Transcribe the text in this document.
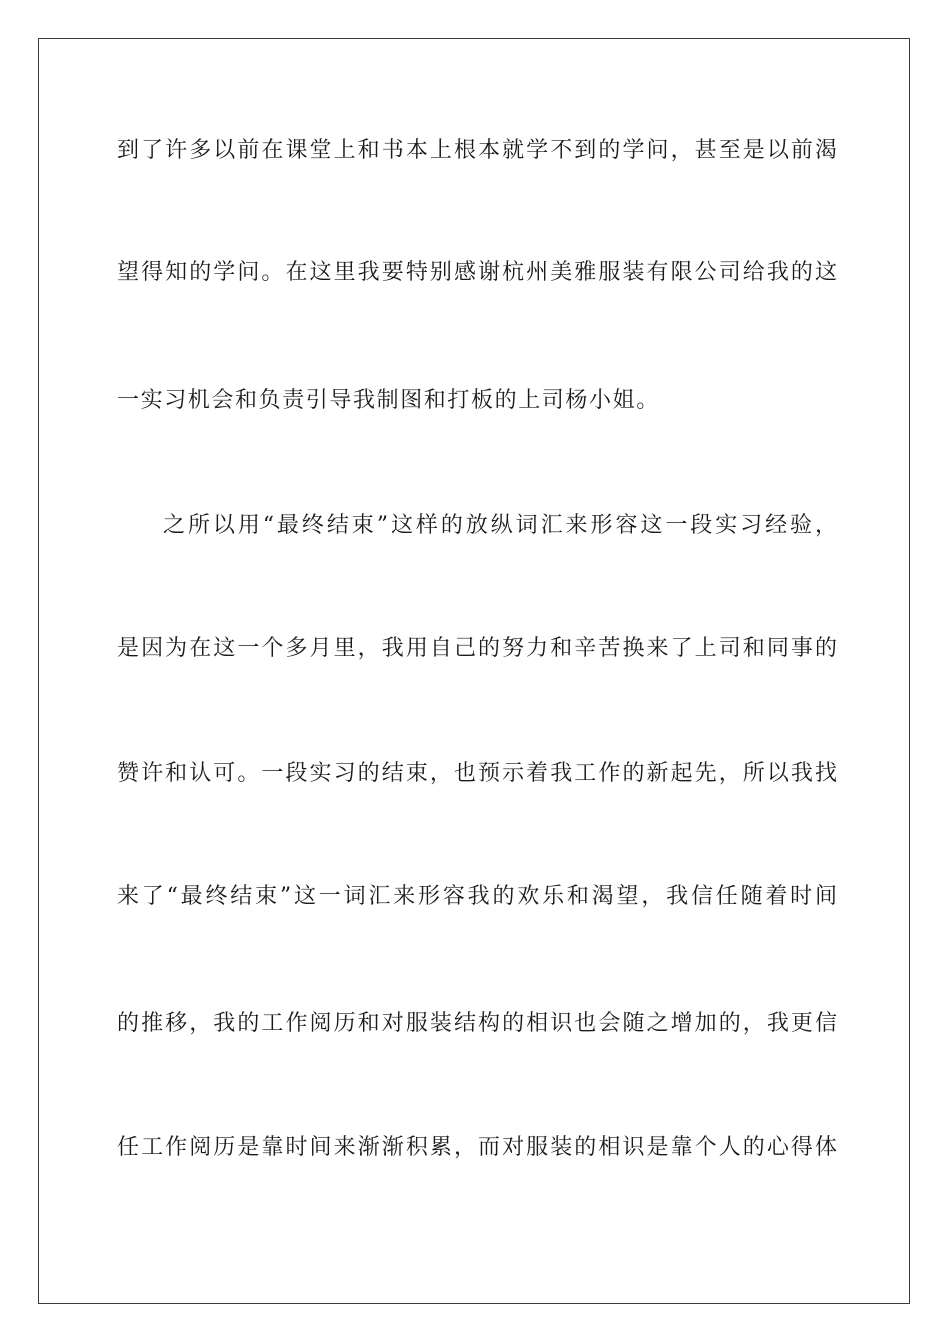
到了许多以前在课堂上和书本上根本就学不到的学问，甚至是以前渴
望得知的学问。在这里我要特别感谢杭州美雅服装有限公司给我的这
一实习机会和负责引导我制图和打板的上司杨小姐。
之所以用“最终结束”这样的放纵词汇来形容这一段实习经验，
是因为在这一个多月里，我用自己的努力和辛苦换来了上司和同事的
赞许和认可。一段实习的结束，也预示着我工作的新起先，所以我找
来了“最终结束”这一词汇来形容我的欢乐和渴望，我信任随着时间
的推移，我的工作阅历和对服装结构的相识也会随之增加的，我更信
任工作阅历是靠时间来渐渐积累，而对服装的相识是靠个人的心得体
